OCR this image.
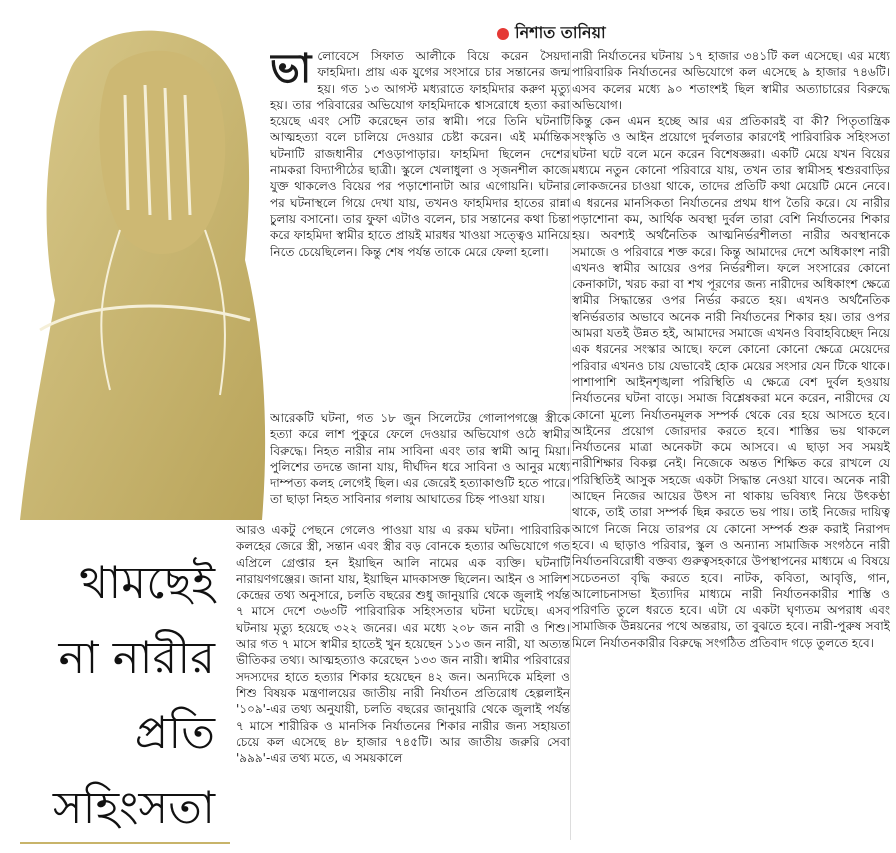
নিশাত তানিয়া
ভা লোবেসে সিফাত আলীকে বিয়ে করেন সৈয়দা ফাহমিদা। প্রায় এক যুগের সংসারে চার সন্তানের জন্ম হয়। গত ১৩ আগস্ট মধ্যরাতে ফাহমিদার করুণ মৃত্যু হয়। তার পরিবারের অভিযোগ ফাহমিদাকে শ্বাসরোধে হত্যা করা হয়েছে এবং সেটি করেছেন তার স্বামী। পরে তিনি ঘটনাটি আত্মহত্যা বলে চালিয়ে দেওয়ার চেষ্টা করেন। এই মর্মান্তিক ঘটনাটি রাজধানীর শেওড়াপাড়ার। ফাহমিদা ছিলেন দেশের নামকরা বিদ্যাপীঠের ছাত্রী। স্কুলে খেলাধুলা ও সৃজনশীল কাজে যুক্ত থাকলেও বিয়ের পর পড়াশোনাটা আর এগোয়নি। ঘটনার পর ঘটনাস্থলে গিয়ে দেখা যায়, তখনও ফাহমিদার হাতের রান্না চুলায় বসানো। তার ফুফা এটাও বলেন, চার সন্তানের কথা চিন্তা করে ফাহমিদা স্বামীর হাতে প্রায়ই মারধর খাওয়া সত্ত্বেও মানিয়ে নিতে চেয়েছিলেন। কিন্তু শেষ পর্যন্ত তাকে মেরে ফেলা হলো।

আরেকটি ঘটনা, গত ১৮ জুন সিলেটের গোলাপগঞ্জে স্ত্রীকে হত্যা করে লাশ পুকুরে ফেলে দেওয়ার অভিযোগ ওঠে স্বামীর বিরুদ্ধে। নিহত নারীর নাম সাবিনা এবং তার স্বামী আনু মিয়া। পুলিশের তদন্তে জানা যায়, দীর্ঘদিন ধরে সাবিনা ও আনুর মধ্যে দাম্পত্য কলহ লেগেই ছিল। এর জেরেই হত্যাকাণ্ডটি হতে পারে। তা ছাড়া নিহত সাবিনার গলায় আঘাতের চিহ্ন পাওয়া যায়।

আরও একটু পেছনে গেলেও পাওয়া যায় এ রকম ঘটনা। পারিবারিক কলহের জেরে স্ত্রী, সন্তান এবং স্ত্রীর বড় বোনকে হত্যার অভিযোগে গত এপ্রিলে গ্রেপ্তার হন ইয়াছিন আলি নামের এক ব্যক্তি। ঘটনাটি নারায়ণগঞ্জের। জানা যায়, ইয়াছিন মাদকাসক্ত ছিলেন। আইন ও সালিশ কেন্দ্রের তথ্য অনুসারে, চলতি বছরের শুধু জানুয়ারি থেকে জুলাই পর্যন্ত ৭ মাসে দেশে ৩৬৩টি পারিবারিক সহিংসতার ঘটনা ঘটেছে। এসব ঘটনায় মৃত্যু হয়েছে ৩২২ জনের। এর মধ্যে ২০৮ জন নারী ও শিশু। আর গত ৭ মাসে স্বামীর হাতেই খুন হয়েছেন ১১৩ জন নারী, যা অত্যন্ত ভীতিকর তথ্য। আত্মহত্যাও করেছেন ১৩৩ জন নারী। স্বামীর পরিবারের সদস্যদের হাতে হত্যার শিকার হয়েছেন ৪২ জন। অন্যদিকে মহিলা ও শিশু বিষয়ক মন্ত্রণালয়ের জাতীয় নারী নির্যাতন প্রতিরোধ হেল্পলাইন '১০৯'-এর তথ্য অনুযায়ী, চলতি বছরের জানুয়ারি থেকে জুলাই পর্যন্ত ৭ মাসে শারীরিক ও মানসিক নির্যাতনের শিকার নারীর জন্য সহায়তা চেয়ে কল এসেছে ৪৮ হাজার ৭৪৫টি। আর জাতীয় জরুরি সেবা '৯৯৯'-এর তথ্য মতে, এ সময়কালে

নারী নির্যাতনের ঘটনায় ১৭ হাজার ৩৪১টি কল এসেছে। এর মধ্যে পারিবারিক নির্যাতনের অভিযোগে কল এসেছে ৯ হাজার ৭৪৬টি। এসব কলের মধ্যে ৯০ শতাংশই ছিল স্বামীর অত্যাচারের বিরুদ্ধে অভিযোগ।

কিন্তু কেন এমন হচ্ছে আর এর প্রতিকারই বা কী? পিতৃতান্ত্রিক সংস্কৃতি ও আইন প্রয়োগে দুর্বলতার কারণেই পারিবারিক সহিংসতা ঘটনা ঘটে বলে মনে করেন বিশেষজ্ঞরা। একটি মেয়ে যখন বিয়ের মধ্যমে নতুন কোনো পরিবারে যায়, তখন তার স্বামীসহ শ্বশুরবাড়ির লোকজনের চাওয়া থাকে, তাদের প্রতিটি কথা মেয়েটি মেনে নেবে। এ ধরনের মানসিকতা নির্যাতনের প্রথম ধাপ তৈরি করে। যে নারীর পড়াশোনা কম, আর্থিক অবস্থা দুর্বল তারা বেশি নির্যাতনের শিকার হয়। অবশ্যই অর্থনৈতিক আত্মনির্ভরশীলতা নারীর অবস্থানকে সমাজে ও পরিবারে শক্ত করে। কিন্তু আমাদের দেশে অধিকাংশ নারী এখনও স্বামীর আয়ের ওপর নির্ভরশীল। ফলে সংসারের কোনো কেনাকাটা, খরচ করা বা শখ পূরণের জন্য নারীদের অধিকাংশ ক্ষেত্রে স্বামীর সিদ্ধান্তের ওপর নির্ভর করতে হয়। এখনও অর্থনৈতিক স্বনির্ভরতার অভাবে অনেক নারী নির্যাতনের শিকার হয়। তার ওপর আমরা যতই উন্নত হই, আমাদের সমাজে এখনও বিবাহবিচ্ছেদ নিয়ে এক ধরনের সংস্কার আছে। ফলে কোনো কোনো ক্ষেত্রে মেয়েদের পরিবার এখনও চায় যেভাবেই হোক মেয়ের সংসার যেন টিকে থাকে। পাশাপাশি আইনশৃঙ্খলা পরিস্থিতি এ ক্ষেত্রে বেশ দুর্বল হওয়ায় নির্যাতনের ঘটনা বাড়ে। সমাজ বিশ্লেষকরা মনে করেন, নারীদের যে কোনো মূল্যে নির্যাতনমূলক সম্পর্ক থেকে বের হয়ে আসতে হবে। আইনের প্রয়োগ জোরদার করতে হবে। শাস্তির ভয় থাকলে নির্যাতনের মাত্রা অনেকটা কমে আসবে। এ ছাড়া সব সময়ই নারীশিক্ষার বিকল্প নেই। নিজেকে অন্তত শিক্ষিত করে রাখলে যে পরিস্থিতিই আসুক সহজে একটা সিদ্ধান্ত নেওয়া যাবে। অনেক নারী আছেন নিজের আয়ের উৎস না থাকায় ভবিষ্যৎ নিয়ে উৎকণ্ঠা থাকে, তাই তারা সম্পর্ক ছিন্ন করতে ভয় পায়। তাই নিজের দায়িত্ব আগে নিজে নিয়ে তারপর যে কোনো সম্পর্ক শুরু করাই নিরাপদ হবে। এ ছাড়াও পরিবার, স্কুল ও অন্যান্য সামাজিক সংগঠনে নারী নির্যাতনবিরোধী বক্তব্য গুরুত্বসহকারে উপস্থাপনের মাধ্যমে এ বিষয়ে সচেতনতা বৃদ্ধি করতে হবে। নাটক, কবিতা, আবৃত্তি, গান, আলোচনাসভা ইত্যাদির মাধ্যমে নারী নির্যাতনকারীর শাস্তি ও পরিণতি তুলে ধরতে হবে। এটা যে একটা ঘৃণ্যতম অপরাধ এবং সামাজিক উন্নয়নের পথে অন্তরায়, তা বুঝতে হবে। নারী-পুরুষ সবাই মিলে নির্যাতনকারীর বিরুদ্ধে সংগঠিত প্রতিবাদ গড়ে তুলতে হবে।

থামছেই
না নারীর
প্রতি
সহিংসতা
